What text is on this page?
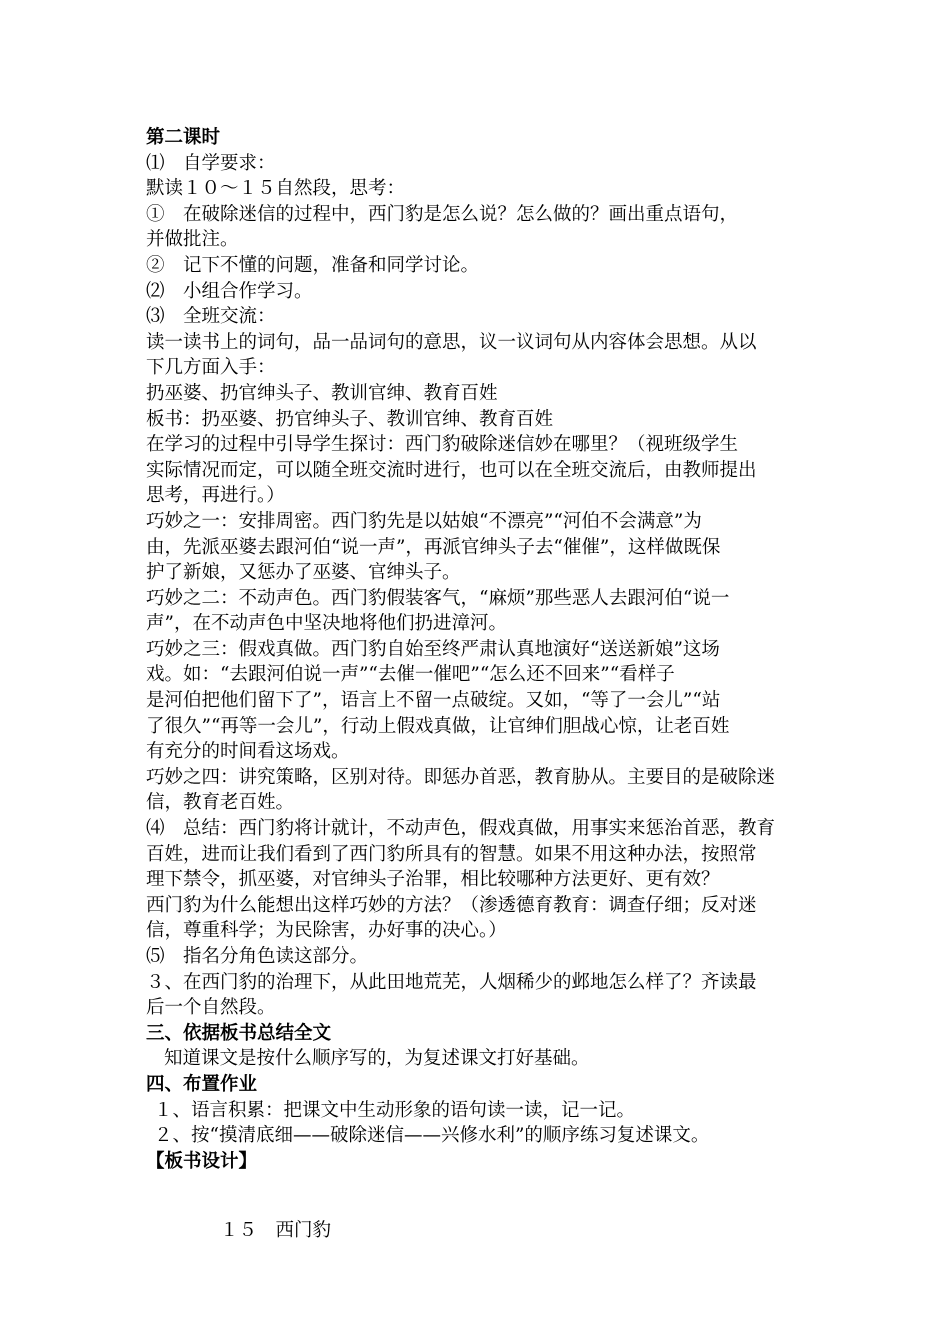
第二课时
⑴　自学要求：
默读１０～１５自然段，思考：
①　在破除迷信的过程中，西门豹是怎么说？怎么做的？画出重点语句，
并做批注。
②　记下不懂的问题，准备和同学讨论。
⑵　小组合作学习。
⑶　全班交流：
读一读书上的词句，品一品词句的意思，议一议词句从内容体会思想。从以
下几方面入手：
扔巫婆、扔官绅头子、教训官绅、教育百姓
板书：扔巫婆、扔官绅头子、教训官绅、教育百姓
在学习的过程中引导学生探讨：西门豹破除迷信妙在哪里？（视班级学生
实际情况而定，可以随全班交流时进行，也可以在全班交流后，由教师提出
思考，再进行。）
巧妙之一：安排周密。西门豹先是以姑娘“不漂亮”“河伯不会满意”为
由，先派巫婆去跟河伯“说一声”，再派官绅头子去“催催”，这样做既保
护了新娘，又惩办了巫婆、官绅头子。
巧妙之二：不动声色。西门豹假装客气，“麻烦”那些恶人去跟河伯“说一
声”，在不动声色中坚决地将他们扔进漳河。
巧妙之三：假戏真做。西门豹自始至终严肃认真地演好“送送新娘”这场
戏。如：“去跟河伯说一声”“去催一催吧”“怎么还不回来”“看样子
是河伯把他们留下了”，语言上不留一点破绽。又如，“等了一会儿”“站
了很久”“再等一会儿”，行动上假戏真做，让官绅们胆战心惊，让老百姓
有充分的时间看这场戏。
巧妙之四：讲究策略，区别对待。即惩办首恶，教育胁从。主要目的是破除迷
信，教育老百姓。
⑷　总结：西门豹将计就计，不动声色，假戏真做，用事实来惩治首恶，教育
百姓，进而让我们看到了西门豹所具有的智慧。如果不用这种办法，按照常
理下禁令，抓巫婆，对官绅头子治罪，相比较哪种方法更好、更有效？
西门豹为什么能想出这样巧妙的方法？（渗透德育教育：调查仔细；反对迷
信，尊重科学；为民除害，办好事的决心。）
⑸　指名分角色读这部分。
３、在西门豹的治理下，从此田地荒芜，人烟稀少的邺地怎么样了？齐读最
后一个自然段。
三、依据板书总结全文
知道课文是按什么顺序写的，为复述课文打好基础。
四、布置作业
１、语言积累：把课文中生动形象的语句读一读，记一记。
２、按“摸清底细——破除迷信——兴修水利”的顺序练习复述课文。
【板书设计】
１５　西门豹
